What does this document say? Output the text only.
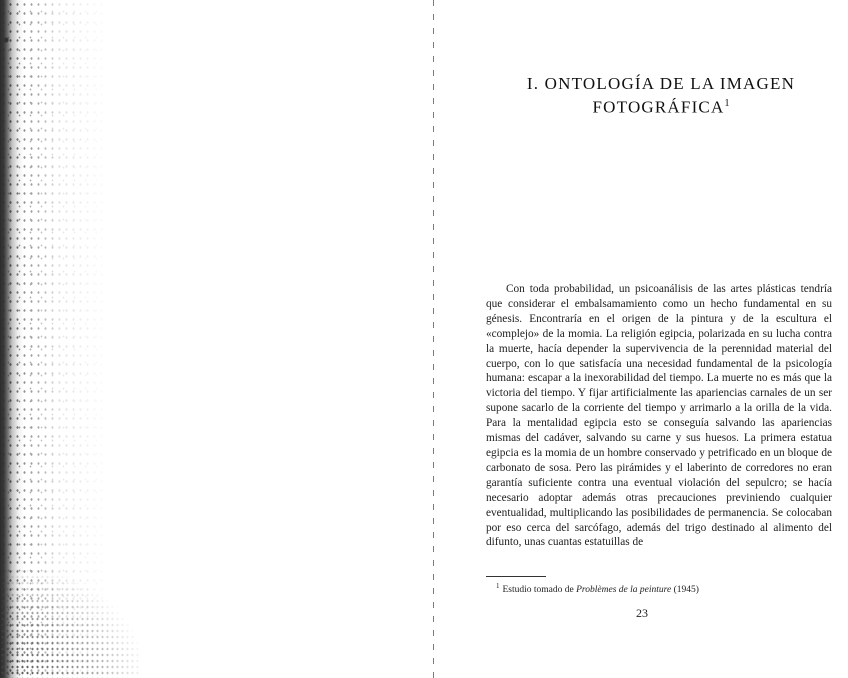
I. ONTOLOGÍA DE LA IMAGEN FOTOGRÁFICA$^1$

Con toda probabilidad, un psicoanálisis de las artes plásticas tendría que considerar el embalsamamiento como un hecho fundamental en su génesis. Encontraría en el origen de la pintura y de la escultura el «complejo» de la momia. La religión egipcia, polarizada en su lucha contra la muerte, hacía depender la supervivencia de la perennidad material del cuerpo, con lo que satisfacía una necesidad fundamental de la psicología humana: escapar a la inexorabilidad del tiempo. La muerte no es más que la victoria del tiempo. Y fijar artificialmente las apariencias carnales de un ser supone sacarlo de la corriente del tiempo y arrimarlo a la orilla de la vida. Para la mentalidad egipcia esto se conseguía salvando las apariencias mismas del cadáver, salvando su carne y sus huesos. La primera estatua egipcia es la momia de un hombre conservado y petrificado en un bloque de carbonato de sosa. Pero las pirámides y el laberinto de corredores no eran garantía suficiente contra una eventual violación del sepulcro; se hacía necesario adoptar además otras precauciones previniendo cualquier eventualidad, multiplicando las posibilidades de permanencia. Se colocaban por eso cerca del sarcófago, además del trigo destinado al alimento del difunto, unas cuantas estatuillas de

$^1$ Estudio tomado de Problèmes de la peinture (1945)
23
